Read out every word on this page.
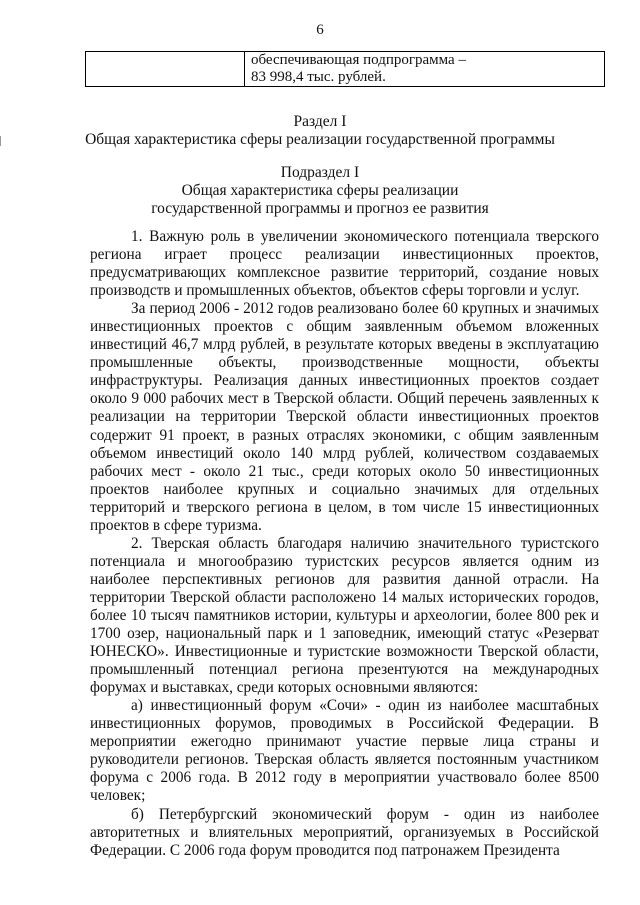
6

обеспечивающая подпрограмма –
83 998,4 тыс. рублей.
Раздел I
Общая характеристика сферы реализации государственной программы
Подраздел I
Общая характеристика сферы реализации
государственной программы и прогноз ее развития

1. Важную роль в увеличении экономического потенциала тверского региона играет процесс реализации инвестиционных проектов, предусматривающих комплексное развитие территорий, создание новых производств и промышленных объектов, объектов сферы торговли и услуг.

За период 2006 - 2012 годов реализовано более 60 крупных и значимых инвестиционных проектов с общим заявленным объемом вложенных инвестиций 46,7 млрд рублей, в результате которых введены в эксплуатацию промышленные объекты, производственные мощности, объекты инфраструктуры. Реализация данных инвестиционных проектов создает около 9 000 рабочих мест в Тверской области. Общий перечень заявленных к реализации на территории Тверской области инвестиционных проектов содержит 91 проект, в разных отраслях экономики, с общим заявленным объемом инвестиций около 140 млрд рублей, количеством создаваемых рабочих мест - около 21 тыс., среди которых около 50 инвестиционных проектов наиболее крупных и социально значимых для отдельных территорий и тверского региона в целом, в том числе 15 инвестиционных проектов в сфере туризма.

2. Тверская область благодаря наличию значительного туристского потенциала и многообразию туристских ресурсов является одним из наиболее перспективных регионов для развития данной отрасли. На территории Тверской области расположено 14 малых исторических городов, более 10 тысяч памятников истории, культуры и археологии, более 800 рек и 1700 озер, национальный парк и 1 заповедник, имеющий статус «Резерват ЮНЕСКО». Инвестиционные и туристские возможности Тверской области, промышленный потенциал региона презентуются на международных форумах и выставках, среди которых основными являются:

а) инвестиционный форум «Сочи» - один из наиболее масштабных инвестиционных форумов, проводимых в Российской Федерации. В мероприятии ежегодно принимают участие первые лица страны и руководители регионов. Тверская область является постоянным участником форума с 2006 года. В 2012 году в мероприятии участвовало более 8500 человек;

б) Петербургский экономический форум - один из наиболее авторитетных и влиятельных мероприятий, организуемых в Российской Федерации. С 2006 года форум проводится под патронажем Президента
